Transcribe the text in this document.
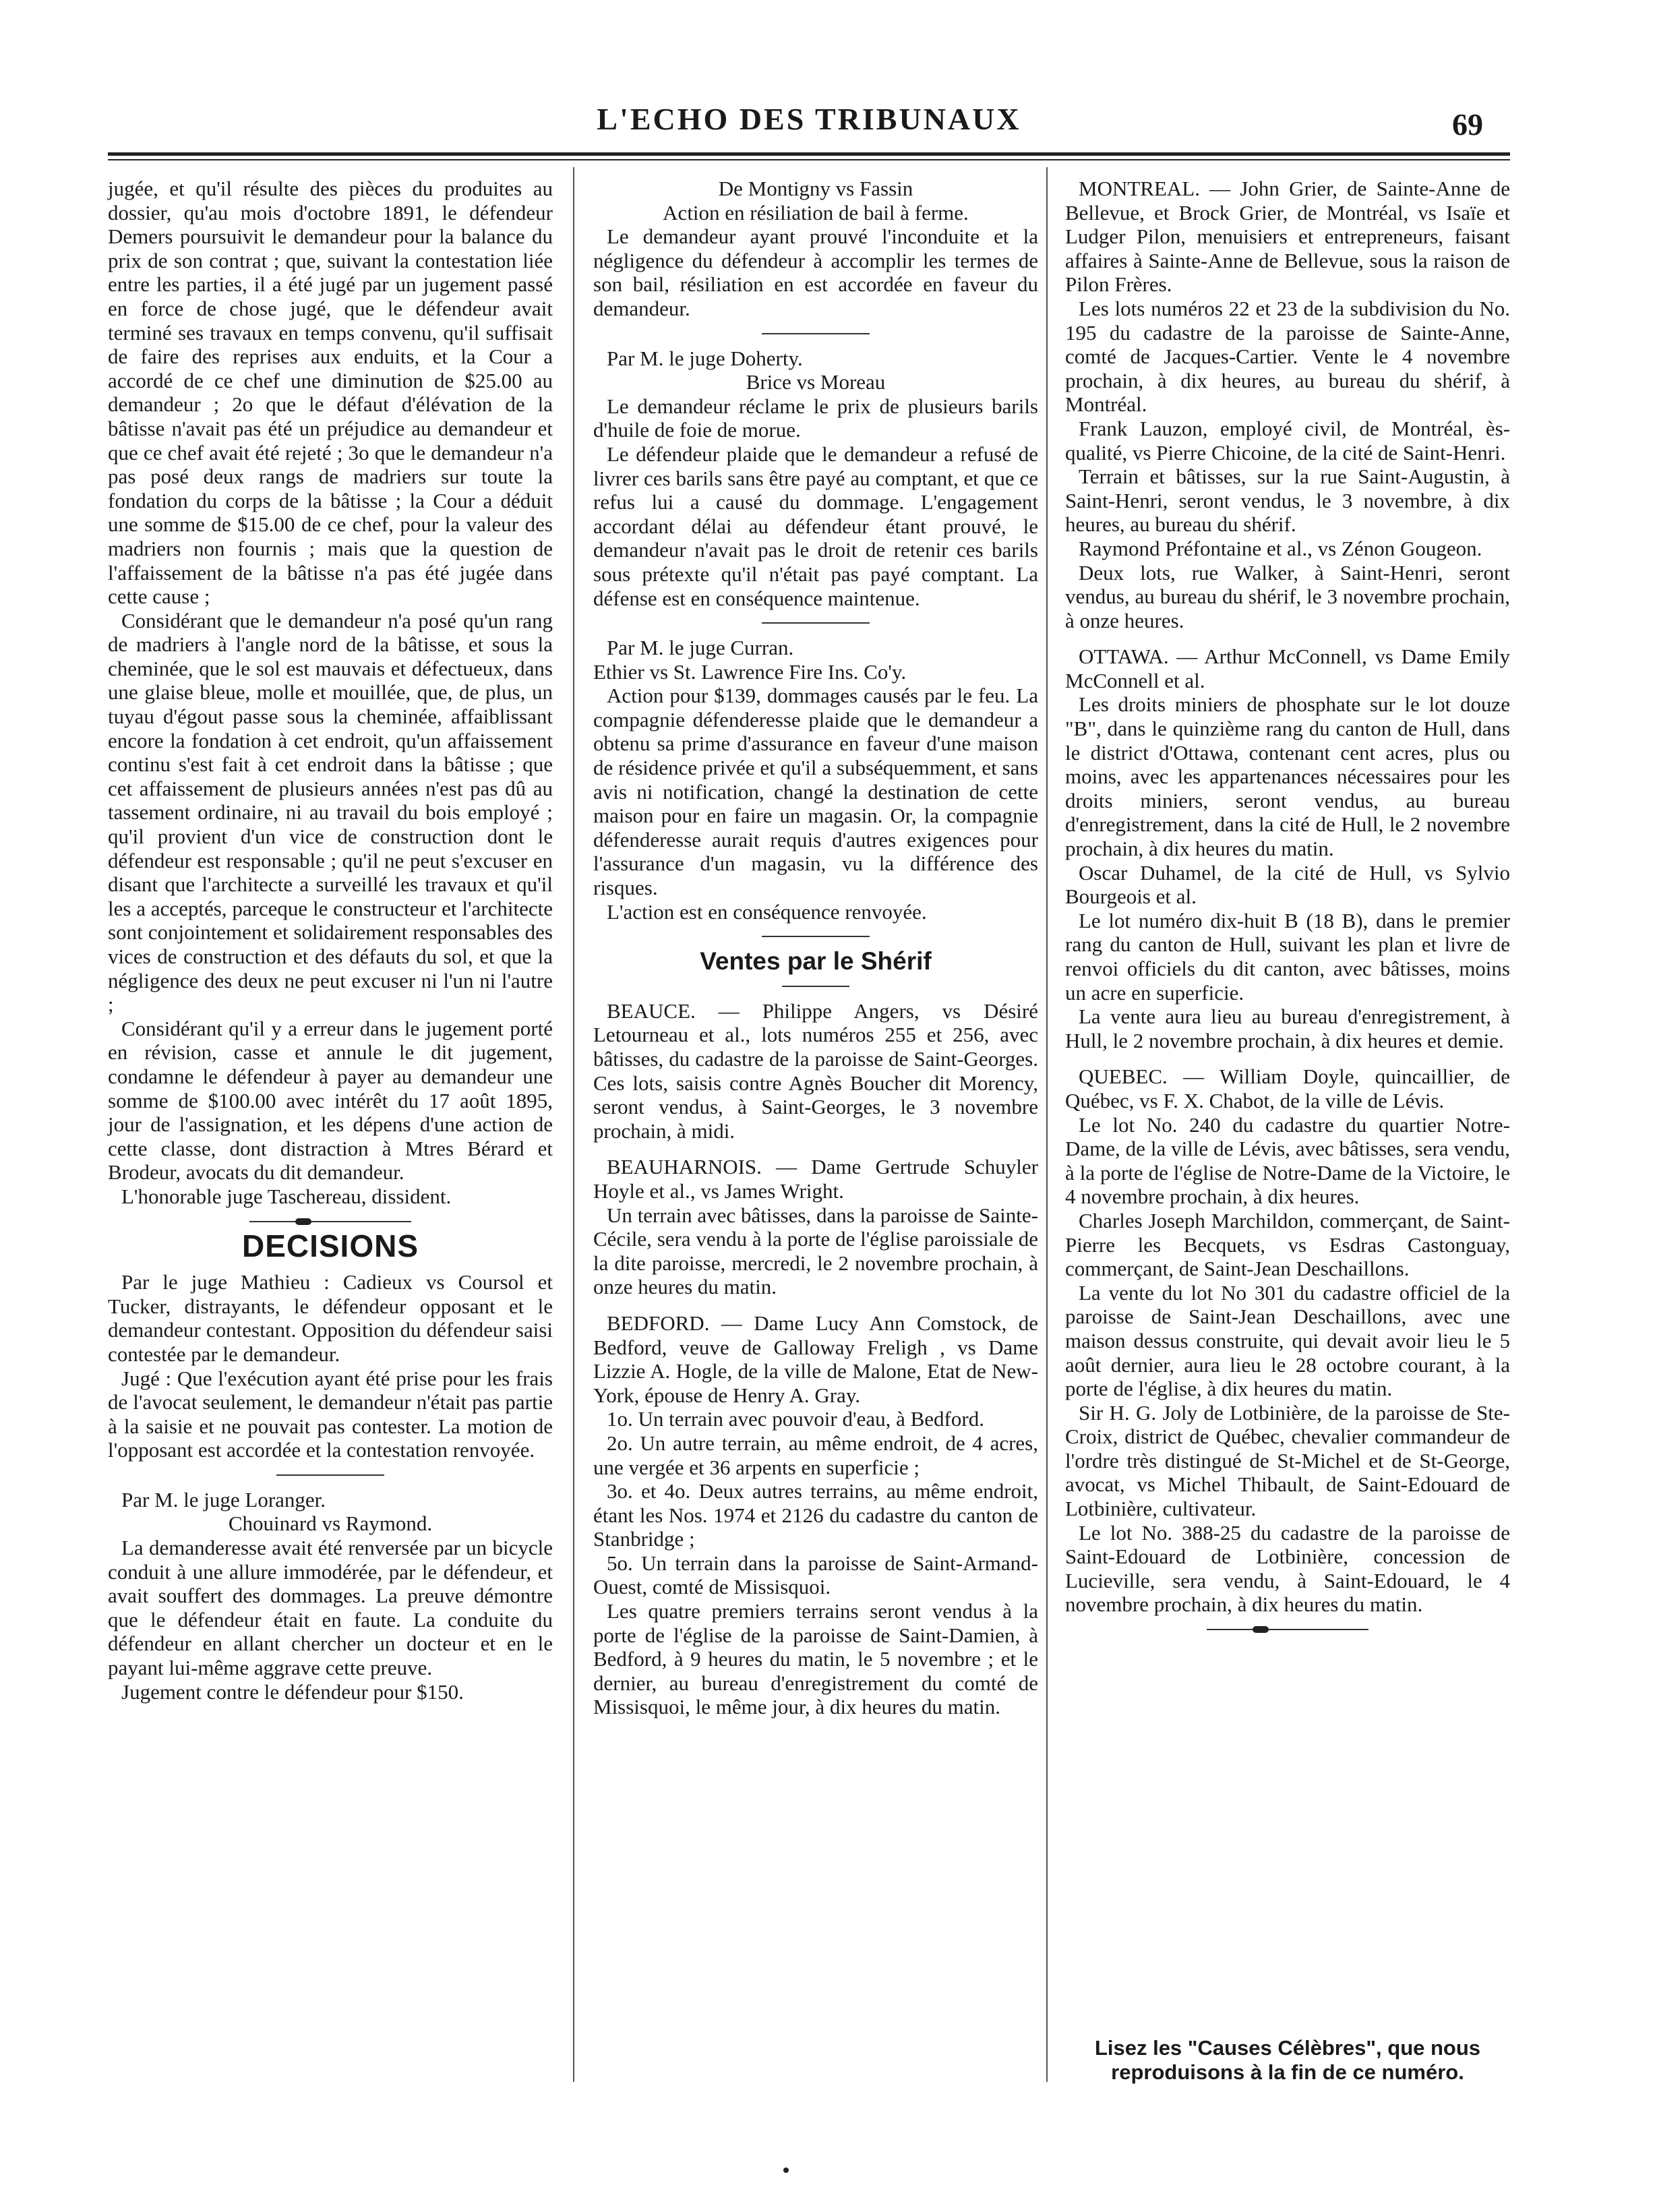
L'ECHO DES TRIBUNAUX	69

jugée, et qu'il résulte des pièces du produites au dossier, qu'au mois d'octobre 1891, le défendeur Demers poursuivit le demandeur pour la balance du prix de son contrat ; que, suivant la contestation liée entre les parties, il a été jugé par un jugement passé en force de chose jugé, que le défendeur avait terminé ses travaux en temps convenu, qu'il suffisait de faire des reprises aux enduits, et la Cour a accordé de ce chef une diminution de $25.00 au demandeur ; 2o que le défaut d'élévation de la bâtisse n'avait pas été un préjudice au demandeur et que ce chef avait été rejeté ; 3o que le demandeur n'a pas posé deux rangs de madriers sur toute la fondation du corps de la bâtisse ; la Cour a déduit une somme de $15.00 de ce chef, pour la valeur des madriers non fournis ; mais que la question de l'affaissement de la bâtisse n'a pas été jugée dans cette cause ;

Considérant que le demandeur n'a posé qu'un rang de madriers à l'angle nord de la bâtisse, et sous la cheminée, que le sol est mauvais et défectueux, dans une glaise bleue, molle et mouillée, que, de plus, un tuyau d'égout passe sous la cheminée, affaiblissant encore la fondation à cet endroit, qu'un affaissement continu s'est fait à cet endroit dans la bâtisse ; que cet affaissement de plusieurs années n'est pas dû au tassement ordinaire, ni au travail du bois employé ; qu'il provient d'un vice de construction dont le défendeur est responsable ; qu'il ne peut s'excuser en disant que l'architecte a surveillé les travaux et qu'il les a acceptés, parceque le constructeur et l'architecte sont conjointement et solidairement responsables des vices de construction et des défauts du sol, et que la négligence des deux ne peut excuser ni l'un ni l'autre ;

Considérant qu'il y a erreur dans le jugement porté en révision, casse et annule le dit jugement, condamne le défendeur à payer au demandeur une somme de $100.00 avec intérêt du 17 août 1895, jour de l'assignation, et les dépens d'une action de cette classe, dont distraction à Mtres Bérard et Brodeur, avocats du dit demandeur.

L'honorable juge Taschereau, dissident.

DECISIONS

Par le juge Mathieu : Cadieux vs Coursol et Tucker, distrayants, le défendeur opposant et le demandeur contestant. Opposition du défendeur saisi contestée par le demandeur.

Jugé : Que l'exécution ayant été prise pour les frais de l'avocat seulement, le demandeur n'était pas partie à la saisie et ne pouvait pas contester. La motion de l'opposant est accordée et la contestation renvoyée.

Par M. le juge Loranger.

Chouinard vs Raymond.

La demanderesse avait été renversée par un bicycle conduit à une allure immodérée, par le défendeur, et avait souffert des dommages. La preuve démontre que le défendeur était en faute. La conduite du défendeur en allant chercher un docteur et en le payant lui-même aggrave cette preuve.

Jugement contre le défendeur pour $150.

De Montigny vs Fassin

Action en résiliation de bail à ferme.

Le demandeur ayant prouvé l'inconduite et la négligence du défendeur à accomplir les termes de son bail, résiliation en est accordée en faveur du demandeur.

Par M. le juge Doherty.

Brice vs Moreau

Le demandeur réclame le prix de plusieurs barils d'huile de foie de morue.

Le défendeur plaide que le demandeur a refusé de livrer ces barils sans être payé au comptant, et que ce refus lui a causé du dommage. L'engagement accordant délai au défendeur étant prouvé, le demandeur n'avait pas le droit de retenir ces barils sous prétexte qu'il n'était pas payé comptant. La défense est en conséquence maintenue.

Par M. le juge Curran.

Ethier vs St. Lawrence Fire Ins. Co'y.

Action pour $139, dommages causés par le feu. La compagnie défenderesse plaide que le demandeur a obtenu sa prime d'assurance en faveur d'une maison de résidence privée et qu'il a subséquemment, et sans avis ni notification, changé la destination de cette maison pour en faire un magasin. Or, la compagnie défenderesse aurait requis d'autres exigences pour l'assurance d'un magasin, vu la différence des risques.

L'action est en conséquence renvoyée.

Ventes par le Shérif

BEAUCE. — Philippe Angers, vs Désiré Letourneau et al., lots numéros 255 et 256, avec bâtisses, du cadastre de la paroisse de Saint-Georges. Ces lots, saisis contre Agnès Boucher dit Morency, seront vendus, à Saint-Georges, le 3 novembre prochain, à midi.

BEAUHARNOIS. — Dame Gertrude Schuyler Hoyle et al., vs James Wright.

Un terrain avec bâtisses, dans la paroisse de Sainte-Cécile, sera vendu à la porte de l'église paroissiale de la dite paroisse, mercredi, le 2 novembre prochain, à onze heures du matin.

BEDFORD. — Dame Lucy Ann Comstock, de Bedford, veuve de Galloway Freligh , vs Dame Lizzie A. Hogle, de la ville de Malone, Etat de New-York, épouse de Henry A. Gray.

1o. Un terrain avec pouvoir d'eau, à Bedford.

2o. Un autre terrain, au même endroit, de 4 acres, une vergée et 36 arpents en superficie ;

3o. et 4o. Deux autres terrains, au même endroit, étant les Nos. 1974 et 2126 du cadastre du canton de Stanbridge ;

5o. Un terrain dans la paroisse de Saint-Armand-Ouest, comté de Missisquoi.

Les quatre premiers terrains seront vendus à la porte de l'église de la paroisse de Saint-Damien, à Bedford, à 9 heures du matin, le 5 novembre ; et le dernier, au bureau d'enregistrement du comté de Missisquoi, le même jour, à dix heures du matin.

MONTREAL. — John Grier, de Sainte-Anne de Bellevue, et Brock Grier, de Montréal, vs Isaïe et Ludger Pilon, menuisiers et entrepreneurs, faisant affaires à Sainte-Anne de Bellevue, sous la raison de Pilon Frères.

Les lots numéros 22 et 23 de la subdivision du No. 195 du cadastre de la paroisse de Sainte-Anne, comté de Jacques-Cartier. Vente le 4 novembre prochain, à dix heures, au bureau du shérif, à Montréal.

Frank Lauzon, employé civil, de Montréal, ès-qualité, vs Pierre Chicoine, de la cité de Saint-Henri.

Terrain et bâtisses, sur la rue Saint-Augustin, à Saint-Henri, seront vendus, le 3 novembre, à dix heures, au bureau du shérif.

Raymond Préfontaine et al., vs Zénon Gougeon.

Deux lots, rue Walker, à Saint-Henri, seront vendus, au bureau du shérif, le 3 novembre prochain, à onze heures.

OTTAWA. — Arthur McConnell, vs Dame Emily McConnell et al.

Les droits miniers de phosphate sur le lot douze "B", dans le quinzième rang du canton de Hull, dans le district d'Ottawa, contenant cent acres, plus ou moins, avec les appartenances nécessaires pour les droits miniers, seront vendus, au bureau d'enregistrement, dans la cité de Hull, le 2 novembre prochain, à dix heures du matin.

Oscar Duhamel, de la cité de Hull, vs Sylvio Bourgeois et al.

Le lot numéro dix-huit B (18 B), dans le premier rang du canton de Hull, suivant les plan et livre de renvoi officiels du dit canton, avec bâtisses, moins un acre en superficie.

La vente aura lieu au bureau d'enregistrement, à Hull, le 2 novembre prochain, à dix heures et demie.

QUEBEC. — William Doyle, quincaillier, de Québec, vs F. X. Chabot, de la ville de Lévis.

Le lot No. 240 du cadastre du quartier Notre-Dame, de la ville de Lévis, avec bâtisses, sera vendu, à la porte de l'église de Notre-Dame de la Victoire, le 4 novembre prochain, à dix heures.

Charles Joseph Marchildon, commerçant, de Saint-Pierre les Becquets, vs Esdras Castonguay, commerçant, de Saint-Jean Deschaillons.

La vente du lot No 301 du cadastre officiel de la paroisse de Saint-Jean Deschaillons, avec une maison dessus construite, qui devait avoir lieu le 5 août dernier, aura lieu le 28 octobre courant, à la porte de l'église, à dix heures du matin.

Sir H. G. Joly de Lotbinière, de la paroisse de Ste-Croix, district de Québec, chevalier commandeur de l'ordre très distingué de St-Michel et de St-George, avocat, vs Michel Thibault, de Saint-Edouard de Lotbinière, cultivateur.

Le lot No. 388-25 du cadastre de la paroisse de Saint-Edouard de Lotbinière, concession de Lucieville, sera vendu, à Saint-Edouard, le 4 novembre prochain, à dix heures du matin.

Lisez les "Causes Célèbres", que nous reproduisons à la fin de ce numéro.
